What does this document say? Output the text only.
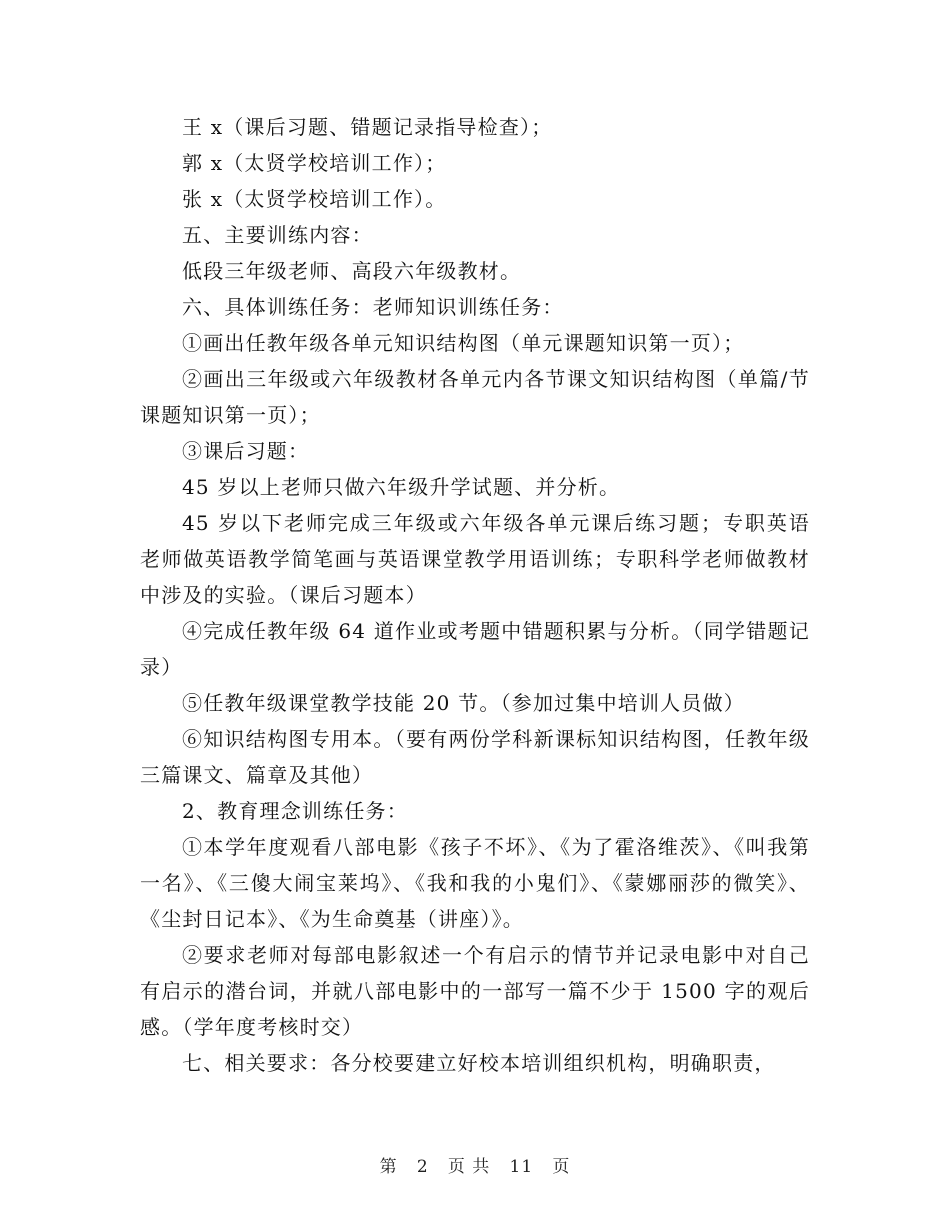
王 x（课后习题、错题记录指导检查）；

郭 x（太贤学校培训工作）；

张 x（太贤学校培训工作）。

五、主要训练内容：

低段三年级老师、高段六年级教材。

六、具体训练任务：老师知识训练任务：

①画出任教年级各单元知识结构图（单元课题知识第一页）；

②画出三年级或六年级教材各单元内各节课文知识结构图（单篇/节课题知识第一页）；

③课后习题：

45 岁以上老师只做六年级升学试题、并分析。

45 岁以下老师完成三年级或六年级各单元课后练习题；专职英语老师做英语教学简笔画与英语课堂教学用语训练；专职科学老师做教材中涉及的实验。（课后习题本）

④完成任教年级 64 道作业或考题中错题积累与分析。（同学错题记录）

⑤任教年级课堂教学技能 20 节。（参加过集中培训人员做）

⑥知识结构图专用本。（要有两份学科新课标知识结构图，任教年级三篇课文、篇章及其他）

2、教育理念训练任务：

①本学年度观看八部电影《孩子不坏》、《为了霍洛维茨》、《叫我第一名》、《三傻大闹宝莱坞》、《我和我的小鬼们》、《蒙娜丽莎的微笑》、《尘封日记本》、《为生命奠基（讲座）》。

②要求老师对每部电影叙述一个有启示的情节并记录电影中对自己有启示的潜台词，并就八部电影中的一部写一篇不少于 1500 字的观后感。（学年度考核时交）

七、相关要求：各分校要建立好校本培训组织机构，明确职责，

第 2 页 共 11 页
